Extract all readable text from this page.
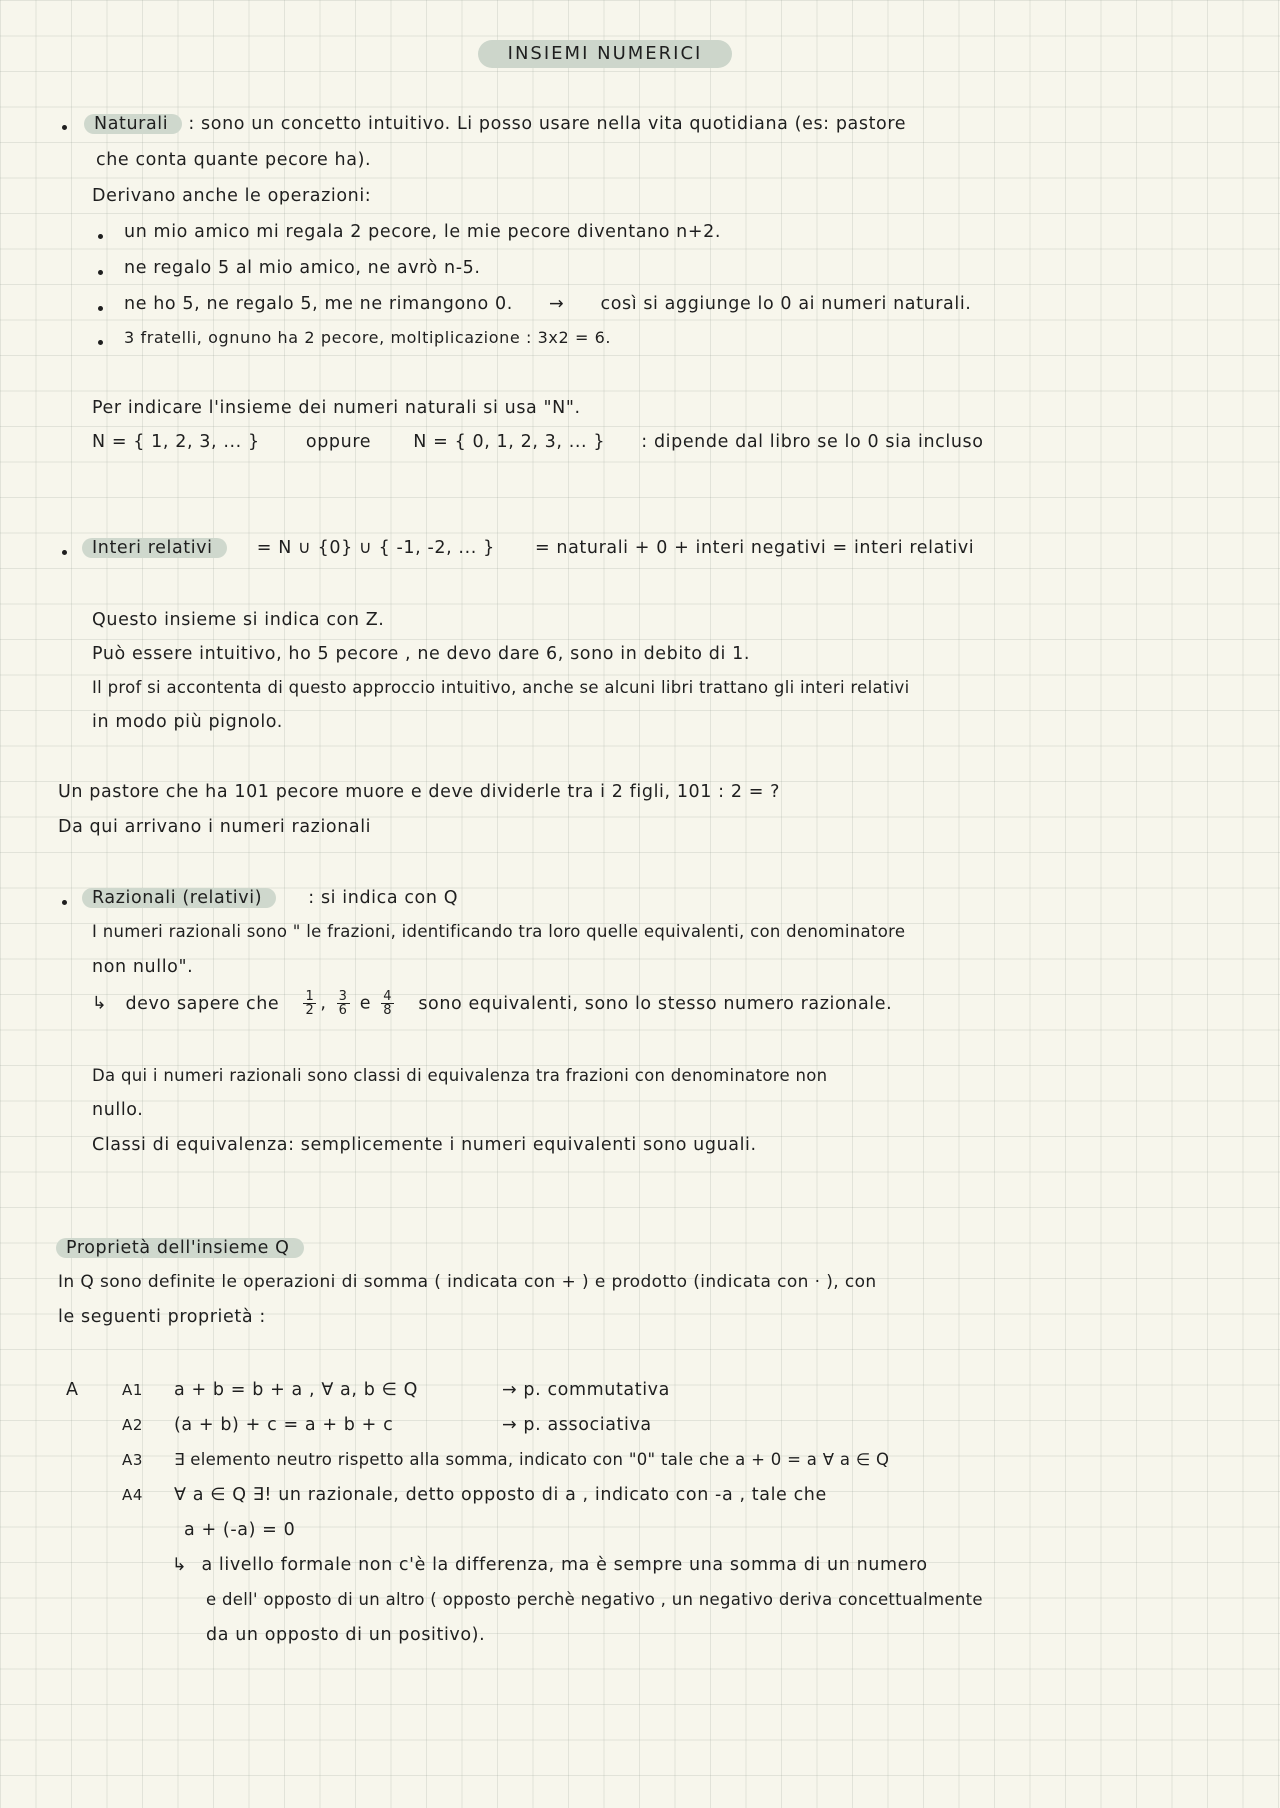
INSIEMI NUMERICI
Naturali : sono un concetto intuitivo. Li posso usare nella vita quotidiana (es: pastore
che conta quante pecore ha).
Derivano anche le operazioni:
un mio amico mi regala 2 pecore, le mie pecore diventano n+2.
ne regalo 5 al mio amico, ne avrò n-5.
ne ho 5, ne regalo 5, me ne rimangono 0. → così si aggiunge lo 0 ai numeri naturali.
3 fratelli, ognuno ha 2 pecore, moltiplicazione : 3x2 = 6.
Per indicare l'insieme dei numeri naturali si usa "N".
N = { 1, 2, 3, ... }	oppure N = { 0, 1, 2, 3, ... } : dipende dal libro se lo 0 sia incluso
Interi relativi	= N ∪ {0} ∪ { -1, -2, ... } = naturali + 0 + interi negativi = interi relativi
Questo insieme si indica con Z.
Può essere intuitivo, ho 5 pecore , ne devo dare 6, sono in debito di 1.
Il prof si accontenta di questo approccio intuitivo, anche se alcuni libri trattano gli interi relativi
in modo più pignolo.
Un pastore che ha 101 pecore muore e deve dividerle tra i 2 figli, 101 : 2 = ?
Da qui arrivano i numeri razionali
Razionali (relativi)	: si indica con Q
I numeri razionali sono " le frazioni, identificando tra loro quelle equivalenti, con denominatore
non nullo".
↳ devo sapere che $\frac{1}{2}$ , $\frac{3}{6}$ e $\frac{4}{8}$ sono equivalenti, sono lo stesso numero razionale.
Da qui i numeri razionali sono classi di equivalenza tra frazioni con denominatore non
nullo.
Classi di equivalenza: semplicemente i numeri equivalenti sono uguali.
Proprietà dell'insieme Q
In Q sono definite le operazioni di somma ( indicata con + ) e prodotto (indicata con · ), con
le seguenti proprietà :
A	A1 a + b = b + a , ∀ a, b ∈ Q	→ p. commutativa
A2 (a + b) + c = a + b + c	→ p. associativa
A3 ∃ elemento neutro rispetto alla somma, indicato con "0" tale che a + 0 = a ∀ a ∈ Q
A4 ∀ a ∈ Q ∃! un razionale, detto opposto di a , indicato con -a , tale che
a + (-a) = 0
↳ a livello formale non c'è la differenza, ma è sempre una somma di un numero
e dell' opposto di un altro ( opposto perchè negativo , un negativo deriva concettualmente
da un opposto di un positivo).
